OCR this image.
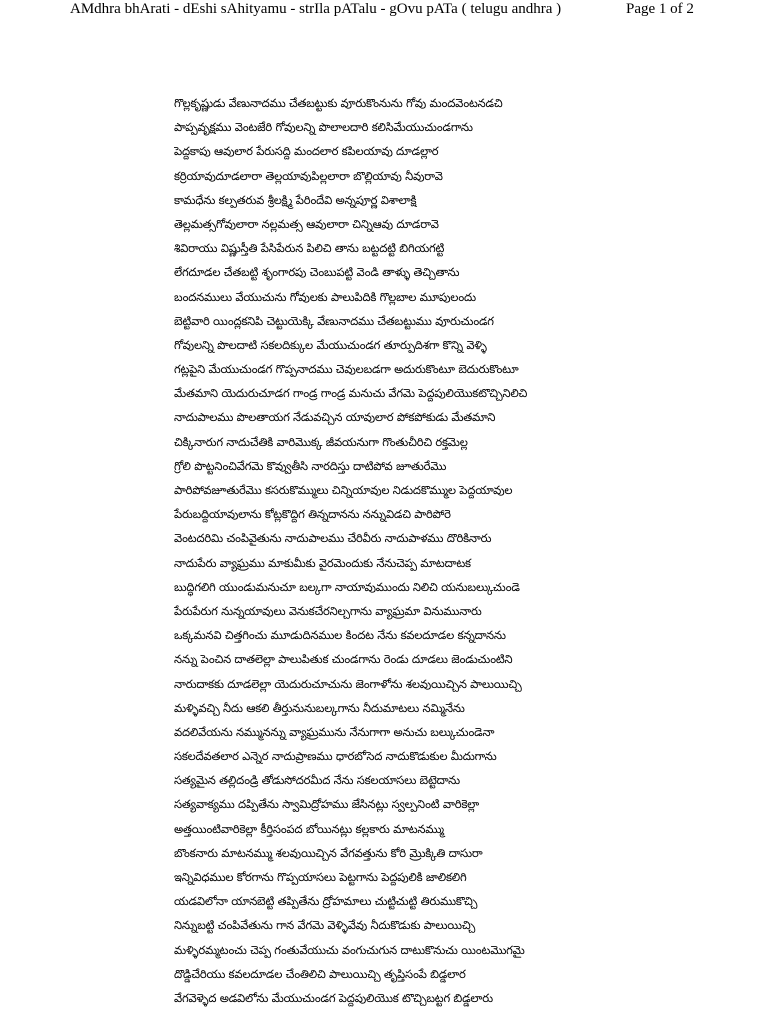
AMdhra bhArati - dEshi sAhityamu - strIla pATalu - gOvu pATa ( telugu andhra )	Page 1 of 2
గొల్లకృష్ణుడు వేణునాదము చేతబట్టుకు వూరుకొంనును గోవు మందవెంటనడచి
పాప్పవృక్షము వెంటజేరి గోవులన్ని పొలాలదారి కలిసిమేయుచుండగాను
పెద్దకాపు ఆవులార పేరుసద్ది మందలార కపిలయావు దూడల్లార
కర్రియావుదూడలారా తెల్లయావుపిల్లలారా బొల్లియావు నీవురావె
కామధేను కల్పతరువ శ్రీలక్ష్మి పేరిందేవి అన్నపూర్ణ విశాలాక్షి
తెల్లమత్సగోవులారా నల్లమత్స ఆవులారా చిన్నిఆవు దూడరావె
శివిరాయు విష్ణుస్తీతి పేసిపేరున పిలిచి తాను బట్టదట్టి బిగియగట్టి
లేగదూడల చేతబట్టి శృంగారపు చెంబుపట్టి వెండి తాళ్ళు తెచ్చితాను
బందనములు వేయుచును గోవులకు పాలుపిదికి గొల్లబాల మూపులందు
బెట్టివారి యింద్లకనిపి చెట్టుయెక్కి వేణునాదము చేతబట్టుము వూరుచుండగ
గోవులన్ని పొలదాటి సకలదిక్కుల మేయుచుండగ తూర్పుదిశగా కొన్ని వెళ్ళి
గట్లపైని మేయుచుండగ గొప్పనాదము చెవులబడగా అదురుకొంటూ బెదురుకొంటూ
మేతమాని యెదురుచూడగ గాండ్ర గాండ్ర మనుచు వేగమె పెద్దపులియొకటొచ్చినిలిచి
నాదుపాలము పొలతాయగ నేడువచ్చిన యావులార పోకపోకుడు మేతమాని
చిక్కినారుగ నాదుచేతికి వారిమొక్క జీవయనుగా గొంతుచీరిచి రక్తమెల్ల
గ్రోలి పొట్టనించివేగమె కొవ్వుతీసి నారదిస్తు దాటిపోవ జూతురేమొ
పారిపోవజూతురేమొ కసరుకొమ్ములు చిన్నియావుల నిడుదకొమ్ముల పెద్దయావుల
పేరుబద్దియావులాను కోట్లకొద్దిగ తిన్నదానను నన్నువిడచి పారిపోరె
వెంటదరిమి చంపివైతును నాదుపాలము చేరివీరు నాదుపాళము దొరికినారు
నాదుపేరు వ్యాఘ్రము మాకుమీకు వైరమెందుకు నేనుచెప్ప మాటదాటక
బుద్ధిగలిగి యుండుమనుచూ బల్కగా నాయావుముందు నిలిచి యనుబల్కుచుండె
పేరుపేరుగ నున్నయావులు వెనుకచేరనిల్చగాను వ్యాఘ్రమా వినుమునారు
ఒక్కమనవి చిత్తగించు మూడుదినముల కిందట నేను కవలదూడల కన్నదానను
నన్ను పెంచిన దాతలెల్లా పాలుపితుక చుండగాను రెండు దూడలు జెండుచుంటిని
నారుదాకకు దూడలెల్లా యెదురుచూచును జెంగాళోను శలవుయిచ్చిన పాలుయిచ్చి
మళ్ళివచ్చి నీదు ఆకలి తీర్తునునుబల్కగాను నీదుమాటలు నమ్మినేను
వదలివేయను నమ్మునన్ను వ్యాఘ్రమును నేనుగాగా అనుచు బల్కుచుండెనా
సకలదేవతలార ఎన్నెర నాదుప్రాణము ధారబోసెద నాదుకొడుకుల మీదుగాను
సత్యమైన తల్లిదండ్రి తోడుసోదరమీద నేను సకలయాసలు బెట్టెదాను
సత్యవాక్యము దప్పితేను స్వామిద్రోహము జేసినట్లు స్వల్పనింటి వారికెల్లా
అత్తయింటివారికెల్లా కీర్తిసంపద బోయినట్లు కల్లకారు మాటనమ్ము
బొంకనారు మాటనమ్ము శలవుయిచ్చిన వేగవత్తును కోరి మ్రొక్కితి దాసురా
ఇన్నివిధముల కోరగాను గొప్పయాసలు పెట్టగాను పెద్దపులికి జాలికలిగి
యడవిలోనా యానబెట్టి తప్పితేను ద్రోహమాలు చుట్టిచుట్టి తిరుముకొచ్చి
నిన్నుబట్టి చంపివేతును గాన వేగమె వెళ్ళివేవు నీదుకొడుకు పాలుయిచ్చి
మళ్ళిరమ్మటంచు చెప్ప గంతువేయుచు వంగుచుగున దాటుకొనుచు యింటమొగమై
దొడ్డిచేరియు కవలదూడల చేంతిలిచి పాలుయిచ్చి తృప్తిసంపే బిడ్డలార
వేగవెళ్ళెద అడవిలోను మేయుచుండగ పెద్దపులియొక టొచ్చిబట్టగ బిడ్డలారు
